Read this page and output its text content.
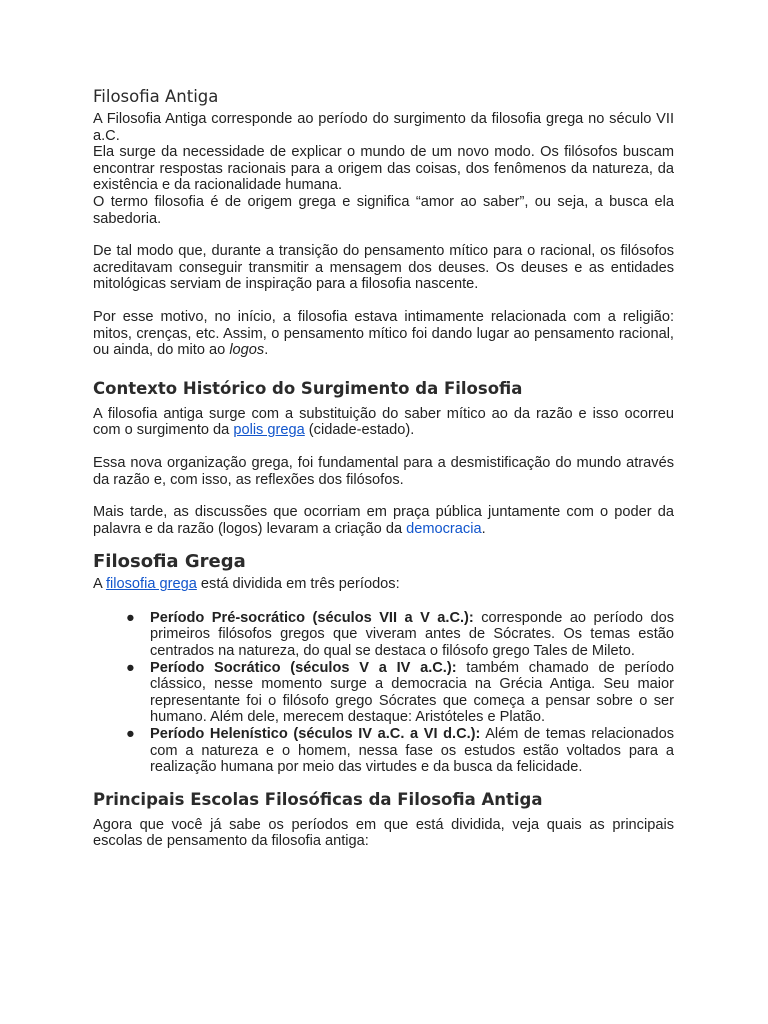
Filosofia Antiga

A Filosofia Antiga corresponde ao período do surgimento da filosofia grega no século VII a.C.

Ela surge da necessidade de explicar o mundo de um novo modo. Os filósofos buscam encontrar respostas racionais para a origem das coisas, dos fenômenos da natureza, da existência e da racionalidade humana.

O termo filosofia é de origem grega e significa “amor ao saber”, ou seja, a busca ela sabedoria.

De tal modo que, durante a transição do pensamento mítico para o racional, os filósofos acreditavam conseguir transmitir a mensagem dos deuses. Os deuses e as entidades mitológicas serviam de inspiração para a filosofia nascente.

Por esse motivo, no início, a filosofia estava intimamente relacionada com a religião: mitos, crenças, etc. Assim, o pensamento mítico foi dando lugar ao pensamento racional, ou ainda, do mito ao logos.

Contexto Histórico do Surgimento da Filosofia

A filosofia antiga surge com a substituição do saber mítico ao da razão e isso ocorreu com o surgimento da polis grega (cidade-estado).

Essa nova organização grega, foi fundamental para a desmistificação do mundo através da razão e, com isso, as reflexões dos filósofos.

Mais tarde, as discussões que ocorriam em praça pública juntamente com o poder da palavra e da razão (logos) levaram a criação da democracia.

Filosofia Grega

A filosofia grega está dividida em três períodos:

● Período Pré-socrático (séculos VII a V a.C.): corresponde ao período dos primeiros filósofos gregos que viveram antes de Sócrates. Os temas estão centrados na natureza, do qual se destaca o filósofo grego Tales de Mileto.
● Período Socrático (séculos V a IV a.C.): também chamado de período clássico, nesse momento surge a democracia na Grécia Antiga. Seu maior representante foi o filósofo grego Sócrates que começa a pensar sobre o ser humano. Além dele, merecem destaque: Aristóteles e Platão.
● Período Helenístico (séculos IV a.C. a VI d.C.): Além de temas relacionados com a natureza e o homem, nessa fase os estudos estão voltados para a realização humana por meio das virtudes e da busca da felicidade.
Principais Escolas Filosóficas da Filosofia Antiga

Agora que você já sabe os períodos em que está dividida, veja quais as principais escolas de pensamento da filosofia antiga:
